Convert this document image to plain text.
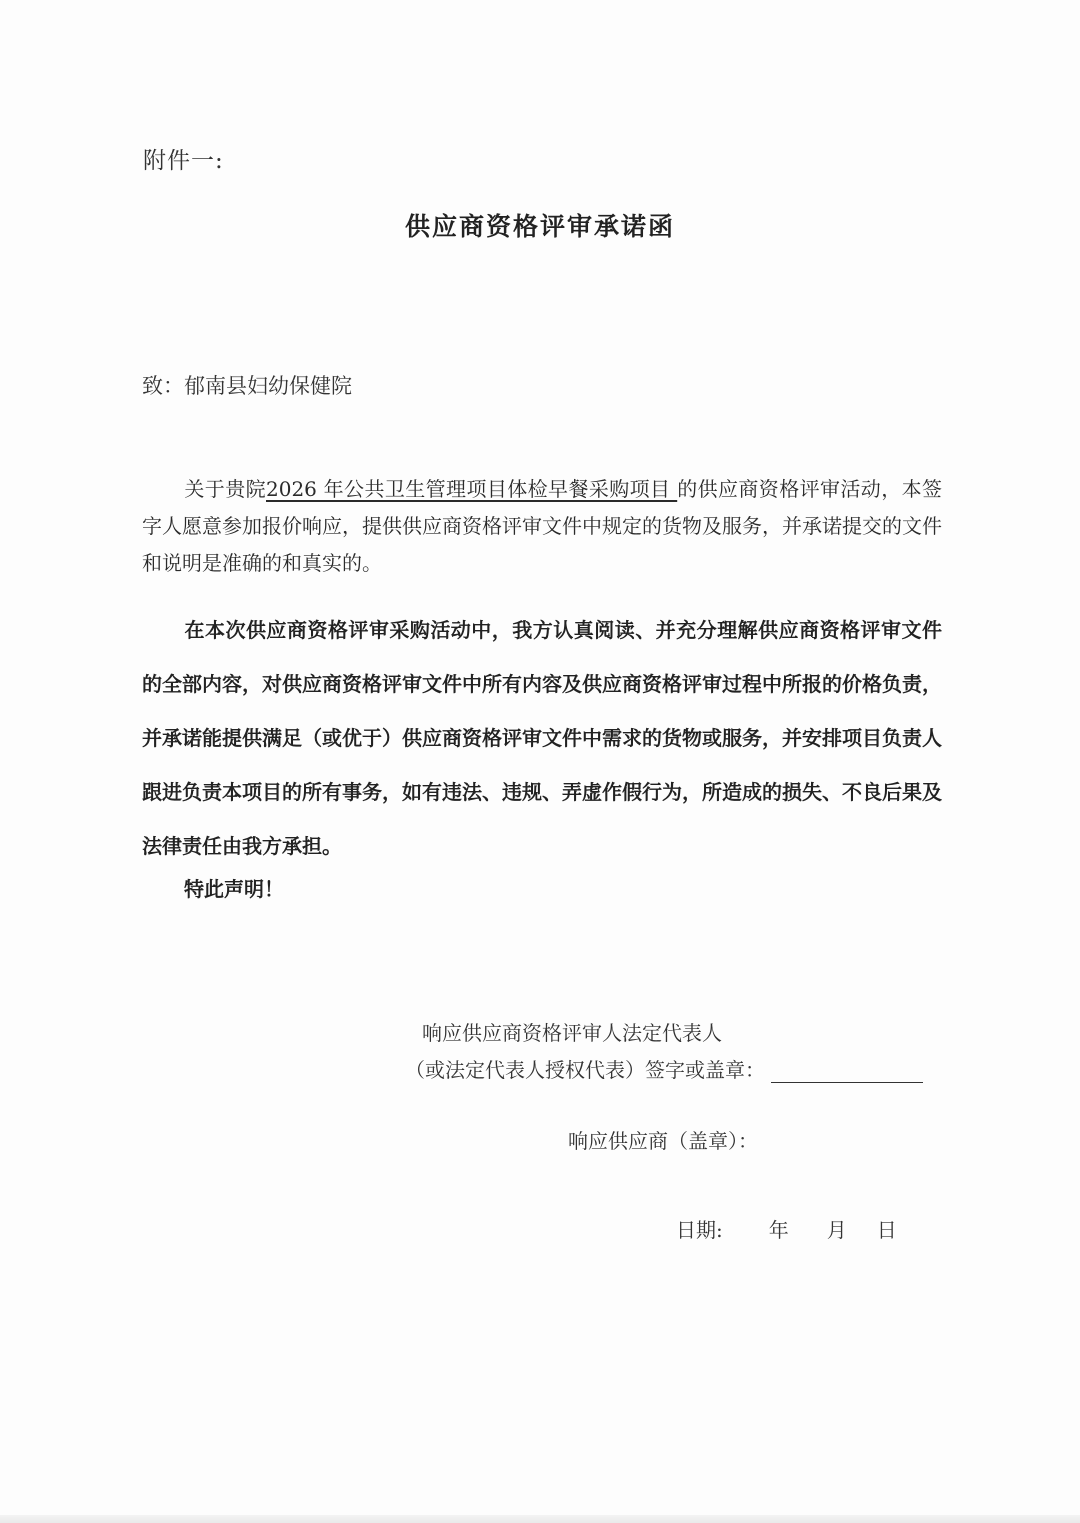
附件一:
供应商资格评审承诺函
致：郁南县妇幼保健院
关于贵院2026 年公共卫生管理项目体检早餐采购项目 的供应商资格评审活动，本签字人愿意参加报价响应，提供供应商资格评审文件中规定的货物及服务，并承诺提交的文件和说明是准确的和真实的。
在本次供应商资格评审采购活动中，我方认真阅读、并充分理解供应商资格评审文件的全部内容，对供应商资格评审文件中所有内容及供应商资格评审过程中所报的价格负责，并承诺能提供满足（或优于）供应商资格评审文件中需求的货物或服务，并安排项目负责人跟进负责本项目的所有事务，如有违法、违规、弄虚作假行为，所造成的损失、不良后果及法律责任由我方承担。
特此声明！
响应供应商资格评审人法定代表人
（或法定代表人授权代表）签字或盖章：
响应供应商（盖章）：
日期: 年 月 日
